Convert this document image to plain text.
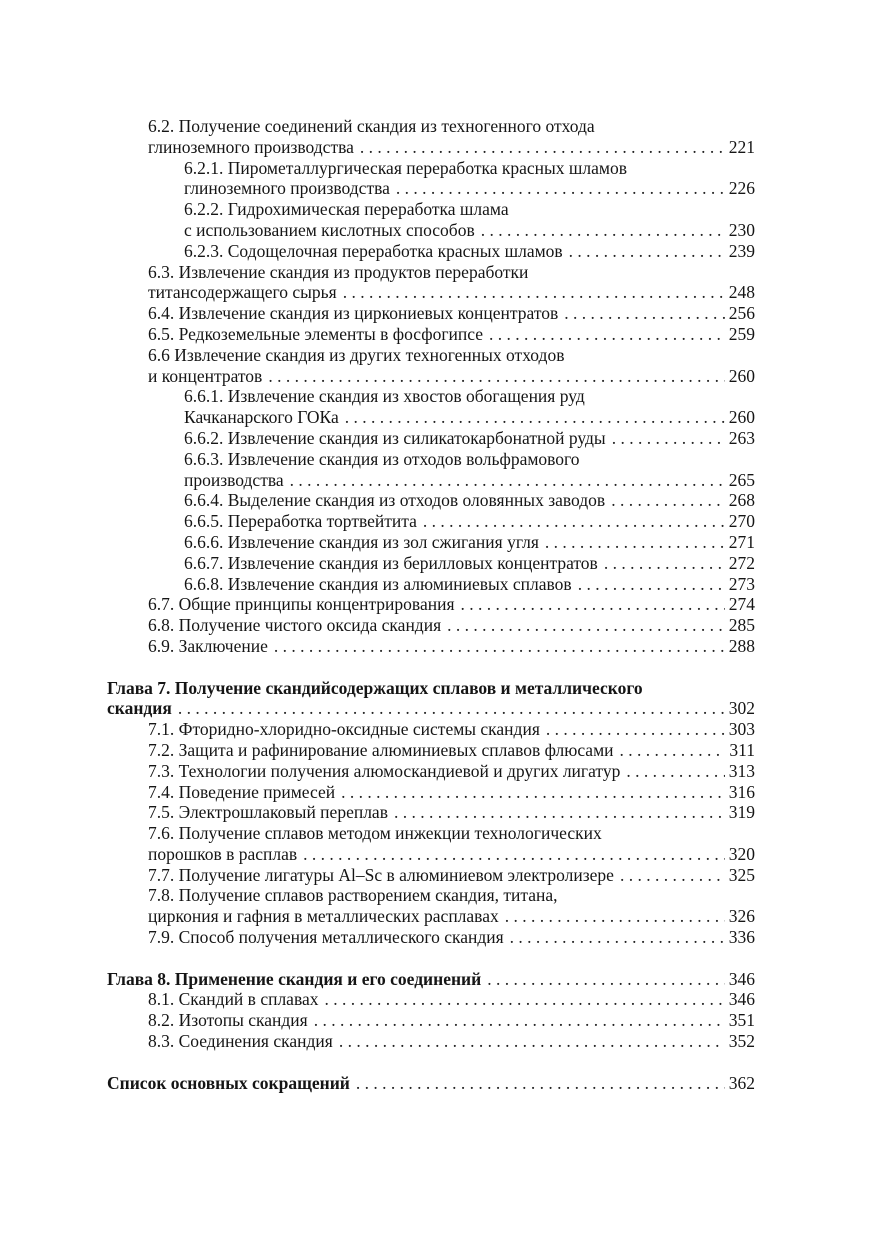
6.2. Получение соединений скандия из техногенного отхода
глиноземного производства . . .	221
6.2.1. Пирометаллургическая переработка красных шламов
глиноземного производства . . .	226
6.2.2. Гидрохимическая переработка шлама
с использованием кислотных способов . . .	230
6.2.3. Содощелочная переработка красных шламов . . .	239
6.3. Извлечение скандия из продуктов переработки
титансодержащего сырья . . .	248
6.4. Извлечение скандия из циркониевых концентратов . . .	256
6.5. Редкоземельные элементы в фосфогипсе . . .	259
6.6 Извлечение скандия из других техногенных отходов
и концентратов . . .	260
6.6.1. Извлечение скандия из хвостов обогащения руд
Качканарского ГОКа . . .	260
6.6.2. Извлечение скандия из силикатокарбонатной руды . . .	263
6.6.3. Извлечение скандия из отходов вольфрамового
производства . . .	265
6.6.4. Выделение скандия из отходов оловянных заводов . . .	268
6.6.5. Переработка тортвейтита . . .	270
6.6.6. Извлечение скандия из зол сжигания угля . . .	271
6.6.7. Извлечение скандия из берилловых концентратов . . .	272
6.6.8. Извлечение скандия из алюминиевых сплавов . . .	273
6.7. Общие принципы концентрирования . . .	274
6.8. Получение чистого оксида скандия . . .	285
6.9. Заключение . . .	288
Глава 7. Получение скандийсодержащих сплавов и металлического
скандия . . .	302
7.1. Фторидно-хлоридно-оксидные системы скандия . . .	303
7.2. Защита и рафинирование алюминиевых сплавов флюсами . . .	311
7.3. Технологии получения алюмоскандиевой и других лигатур . . .	313
7.4. Поведение примесей . . .	316
7.5. Электрошлаковый переплав . . .	319
7.6. Получение сплавов методом инжекции технологических
порошков в расплав . . .	320
7.7. Получение лигатуры Al–Sc в алюминиевом электролизере . . .	325
7.8. Получение сплавов растворением скандия, титана,
циркония и гафния в металлических расплавах . . .	326
7.9. Способ получения металлического скандия . . .	336
Глава 8. Применение скандия и его соединений . . .	346
8.1. Скандий в сплавах . . .	346
8.2. Изотопы скандия . . .	351
8.3. Соединения скандия . . .	352
Список основных сокращений . . .	362
